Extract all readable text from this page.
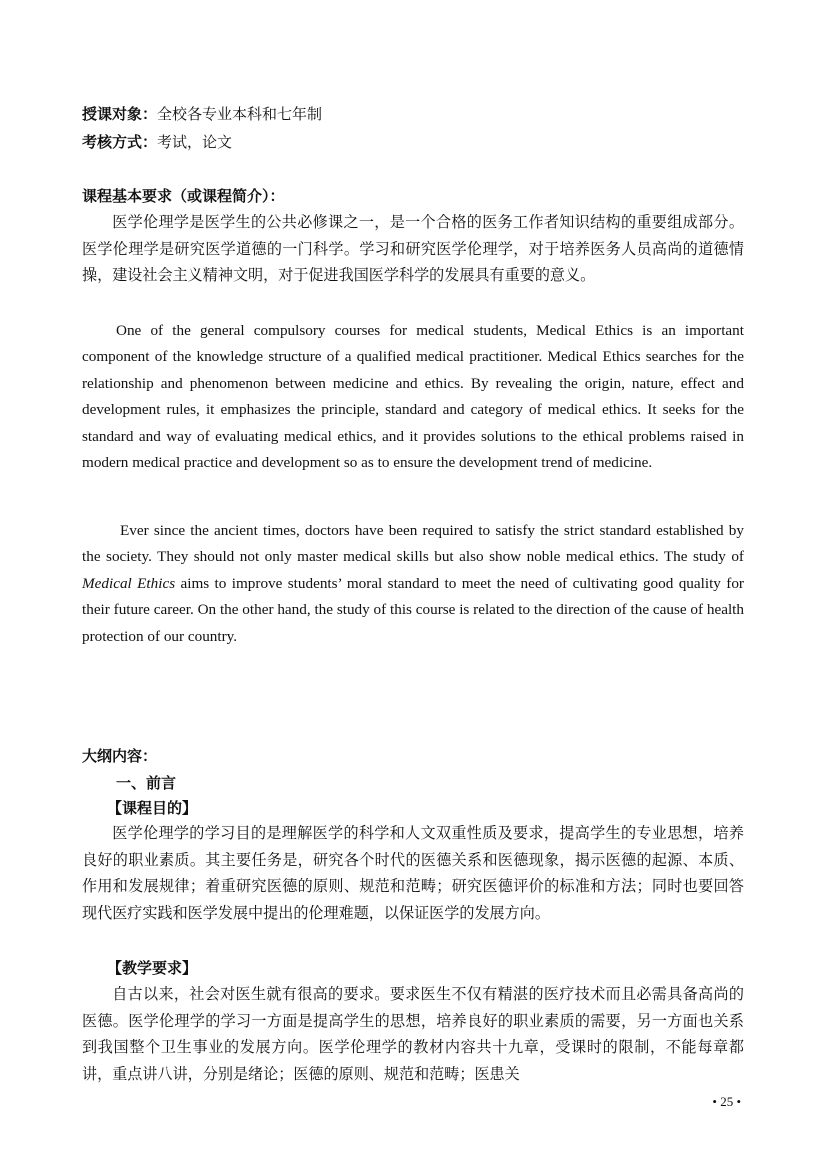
授课对象：全校各专业本科和七年制
考核方式：考试，论文
课程基本要求（或课程简介）：

医学伦理学是医学生的公共必修课之一，是一个合格的医务工作者知识结构的重要组成部分。医学伦理学是研究医学道德的一门科学。学习和研究医学伦理学，对于培养医务人员高尚的道德情操，建设社会主义精神文明，对于促进我国医学科学的发展具有重要的意义。

One of the general compulsory courses for medical students, Medical Ethics is an important component of the knowledge structure of a qualified medical practitioner. Medical Ethics searches for the relationship and phenomenon between medicine and ethics. By revealing the origin, nature, effect and development rules, it emphasizes the principle, standard and category of medical ethics. It seeks for the standard and way of evaluating medical ethics, and it provides solutions to the ethical problems raised in modern medical practice and development so as to ensure the development trend of medicine.

Ever since the ancient times, doctors have been required to satisfy the strict standard established by the society. They should not only master medical skills but also show noble medical ethics. The study of Medical Ethics aims to improve students’ moral standard to meet the need of cultivating good quality for their future career. On the other hand, the study of this course is related to the direction of the cause of health protection of our country.

大纲内容：
一、前言
【课程目的】

医学伦理学的学习目的是理解医学的科学和人文双重性质及要求，提高学生的专业思想，培养良好的职业素质。其主要任务是，研究各个时代的医德关系和医德现象，揭示医德的起源、本质、作用和发展规律；着重研究医德的原则、规范和范畴；研究医德评价的标准和方法；同时也要回答现代医疗实践和医学发展中提出的伦理难题，以保证医学的发展方向。

【教学要求】

自古以来，社会对医生就有很高的要求。要求医生不仅有精湛的医疗技术而且必需具备高尚的医德。医学伦理学的学习一方面是提高学生的思想，培养良好的职业素质的需要，另一方面也关系到我国整个卫生事业的发展方向。医学伦理学的教材内容共十九章，受课时的限制，不能每章都讲，重点讲八讲，分别是绪论；医德的原则、规范和范畴；医患关

• 25 •
